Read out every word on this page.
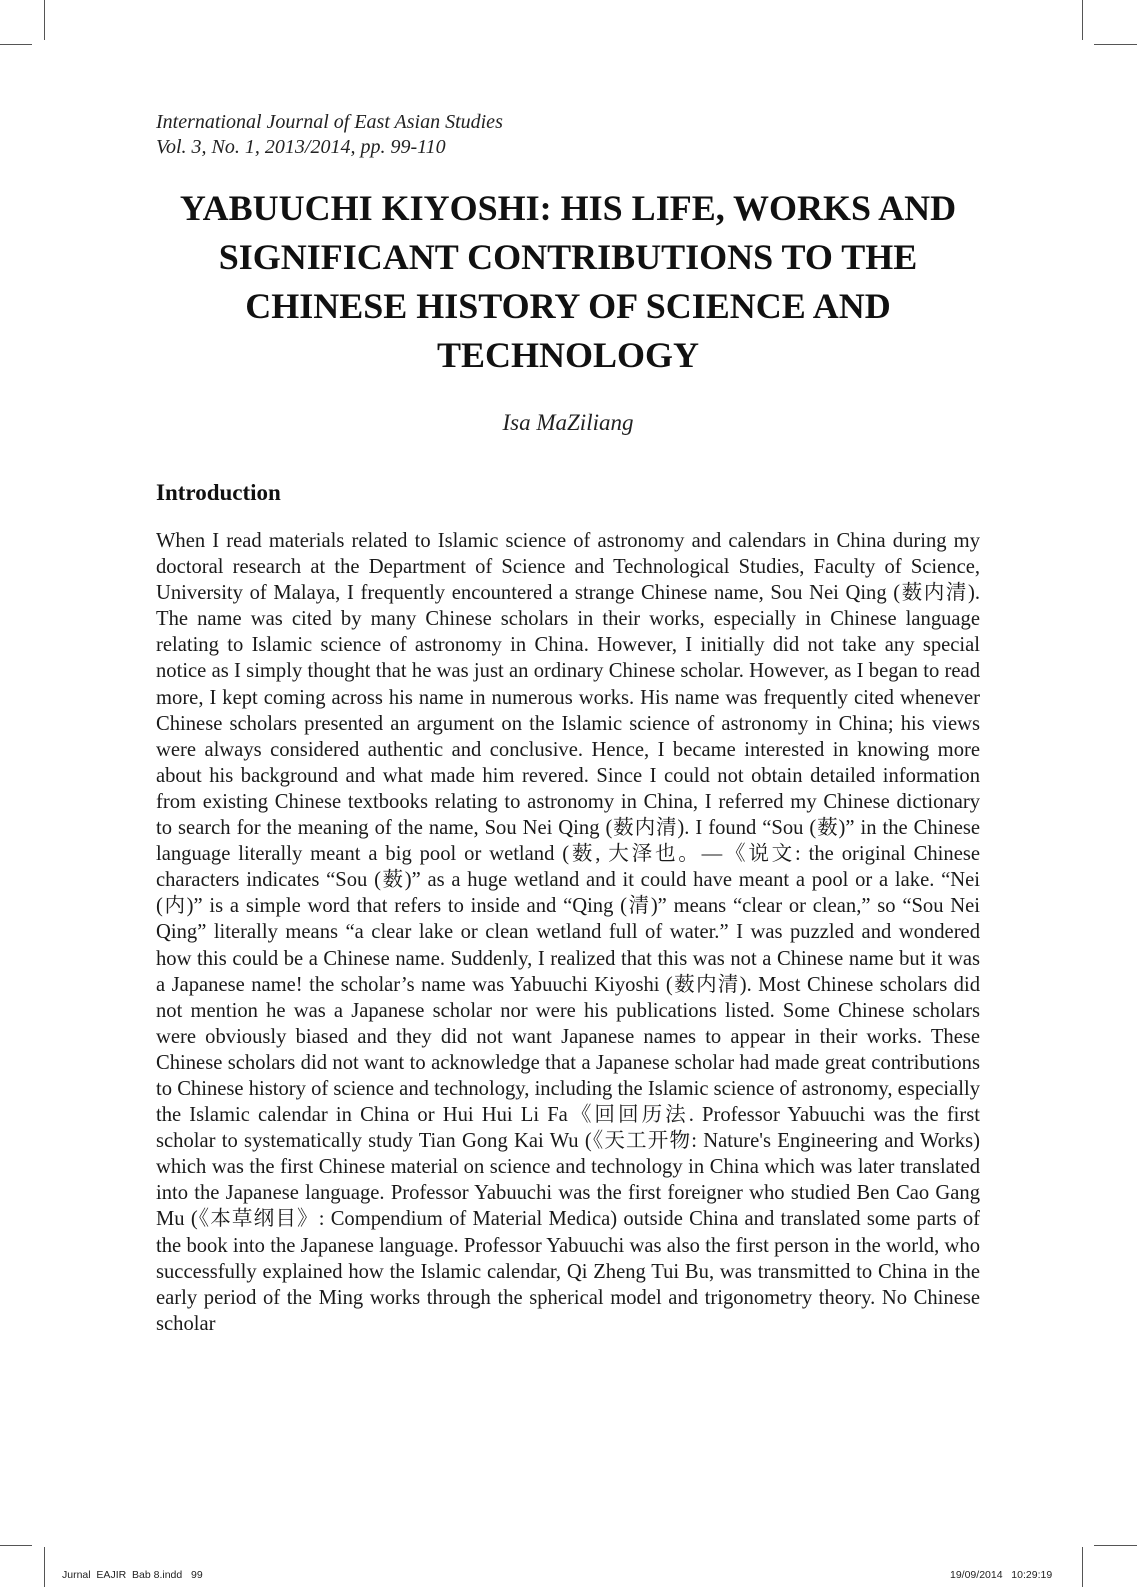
International Journal of East Asian Studies
Vol. 3, No. 1, 2013/2014, pp. 99-110
YABUUCHI KIYOSHI: HIS LIFE, WORKS AND SIGNIFICANT CONTRIBUTIONS TO THE CHINESE HISTORY OF SCIENCE AND TECHNOLOGY
Isa MaZiliang
Introduction
When I read materials related to Islamic science of astronomy and calendars in China during my doctoral research at the Department of Science and Technological Studies, Faculty of Science, University of Malaya, I frequently encountered a strange Chinese name, Sou Nei Qing (薮内清). The name was cited by many Chinese scholars in their works, especially in Chinese language relating to Islamic science of astronomy in China. However, I initially did not take any special notice as I simply thought that he was just an ordinary Chinese scholar. However, as I began to read more, I kept coming across his name in numerous works. His name was frequently cited whenever Chinese scholars presented an argument on the Islamic science of astronomy in China; his views were always considered authentic and conclusive. Hence, I became interested in knowing more about his background and what made him revered. Since I could not obtain detailed information from existing Chinese textbooks relating to astronomy in China, I referred my Chinese dictionary to search for the meaning of the name, Sou Nei Qing (薮内清). I found “Sou (薮)” in the Chinese language literally meant a big pool or wetland (薮, 大泽也。—《说文: the original Chinese characters indicates “Sou (薮)” as a huge wetland and it could have meant a pool or a lake. “Nei (内)” is a simple word that refers to inside and “Qing (清)” means “clear or clean,” so “Sou Nei Qing” literally means “a clear lake or clean wetland full of water.” I was puzzled and wondered how this could be a Chinese name. Suddenly, I realized that this was not a Chinese name but it was a Japanese name! the scholar’s name was Yabuuchi Kiyoshi (薮内清). Most Chinese scholars did not mention he was a Japanese scholar nor were his publications listed. Some Chinese scholars were obviously biased and they did not want Japanese names to appear in their works. These Chinese scholars did not want to acknowledge that a Japanese scholar had made great contributions to Chinese history of science and technology, including the Islamic science of astronomy, especially the Islamic calendar in China or Hui Hui Li Fa《回回历法. Professor Yabuuchi was the first scholar to systematically study Tian Gong Kai Wu (《天工开物: Nature's Engineering and Works) which was the first Chinese material on science and technology in China which was later translated into the Japanese language. Professor Yabuuchi was the first foreigner who studied Ben Cao Gang Mu (《本草纲目》: Compendium of Material Medica) outside China and translated some parts of the book into the Japanese language. Professor Yabuuchi was also the first person in the world, who successfully explained how the Islamic calendar, Qi Zheng Tui Bu, was transmitted to China in the early period of the Ming works through the spherical model and trigonometry theory. No Chinese scholar
Jurnal  EAJIR  Bab 8.indd   99	19/09/2014   10:29:19
